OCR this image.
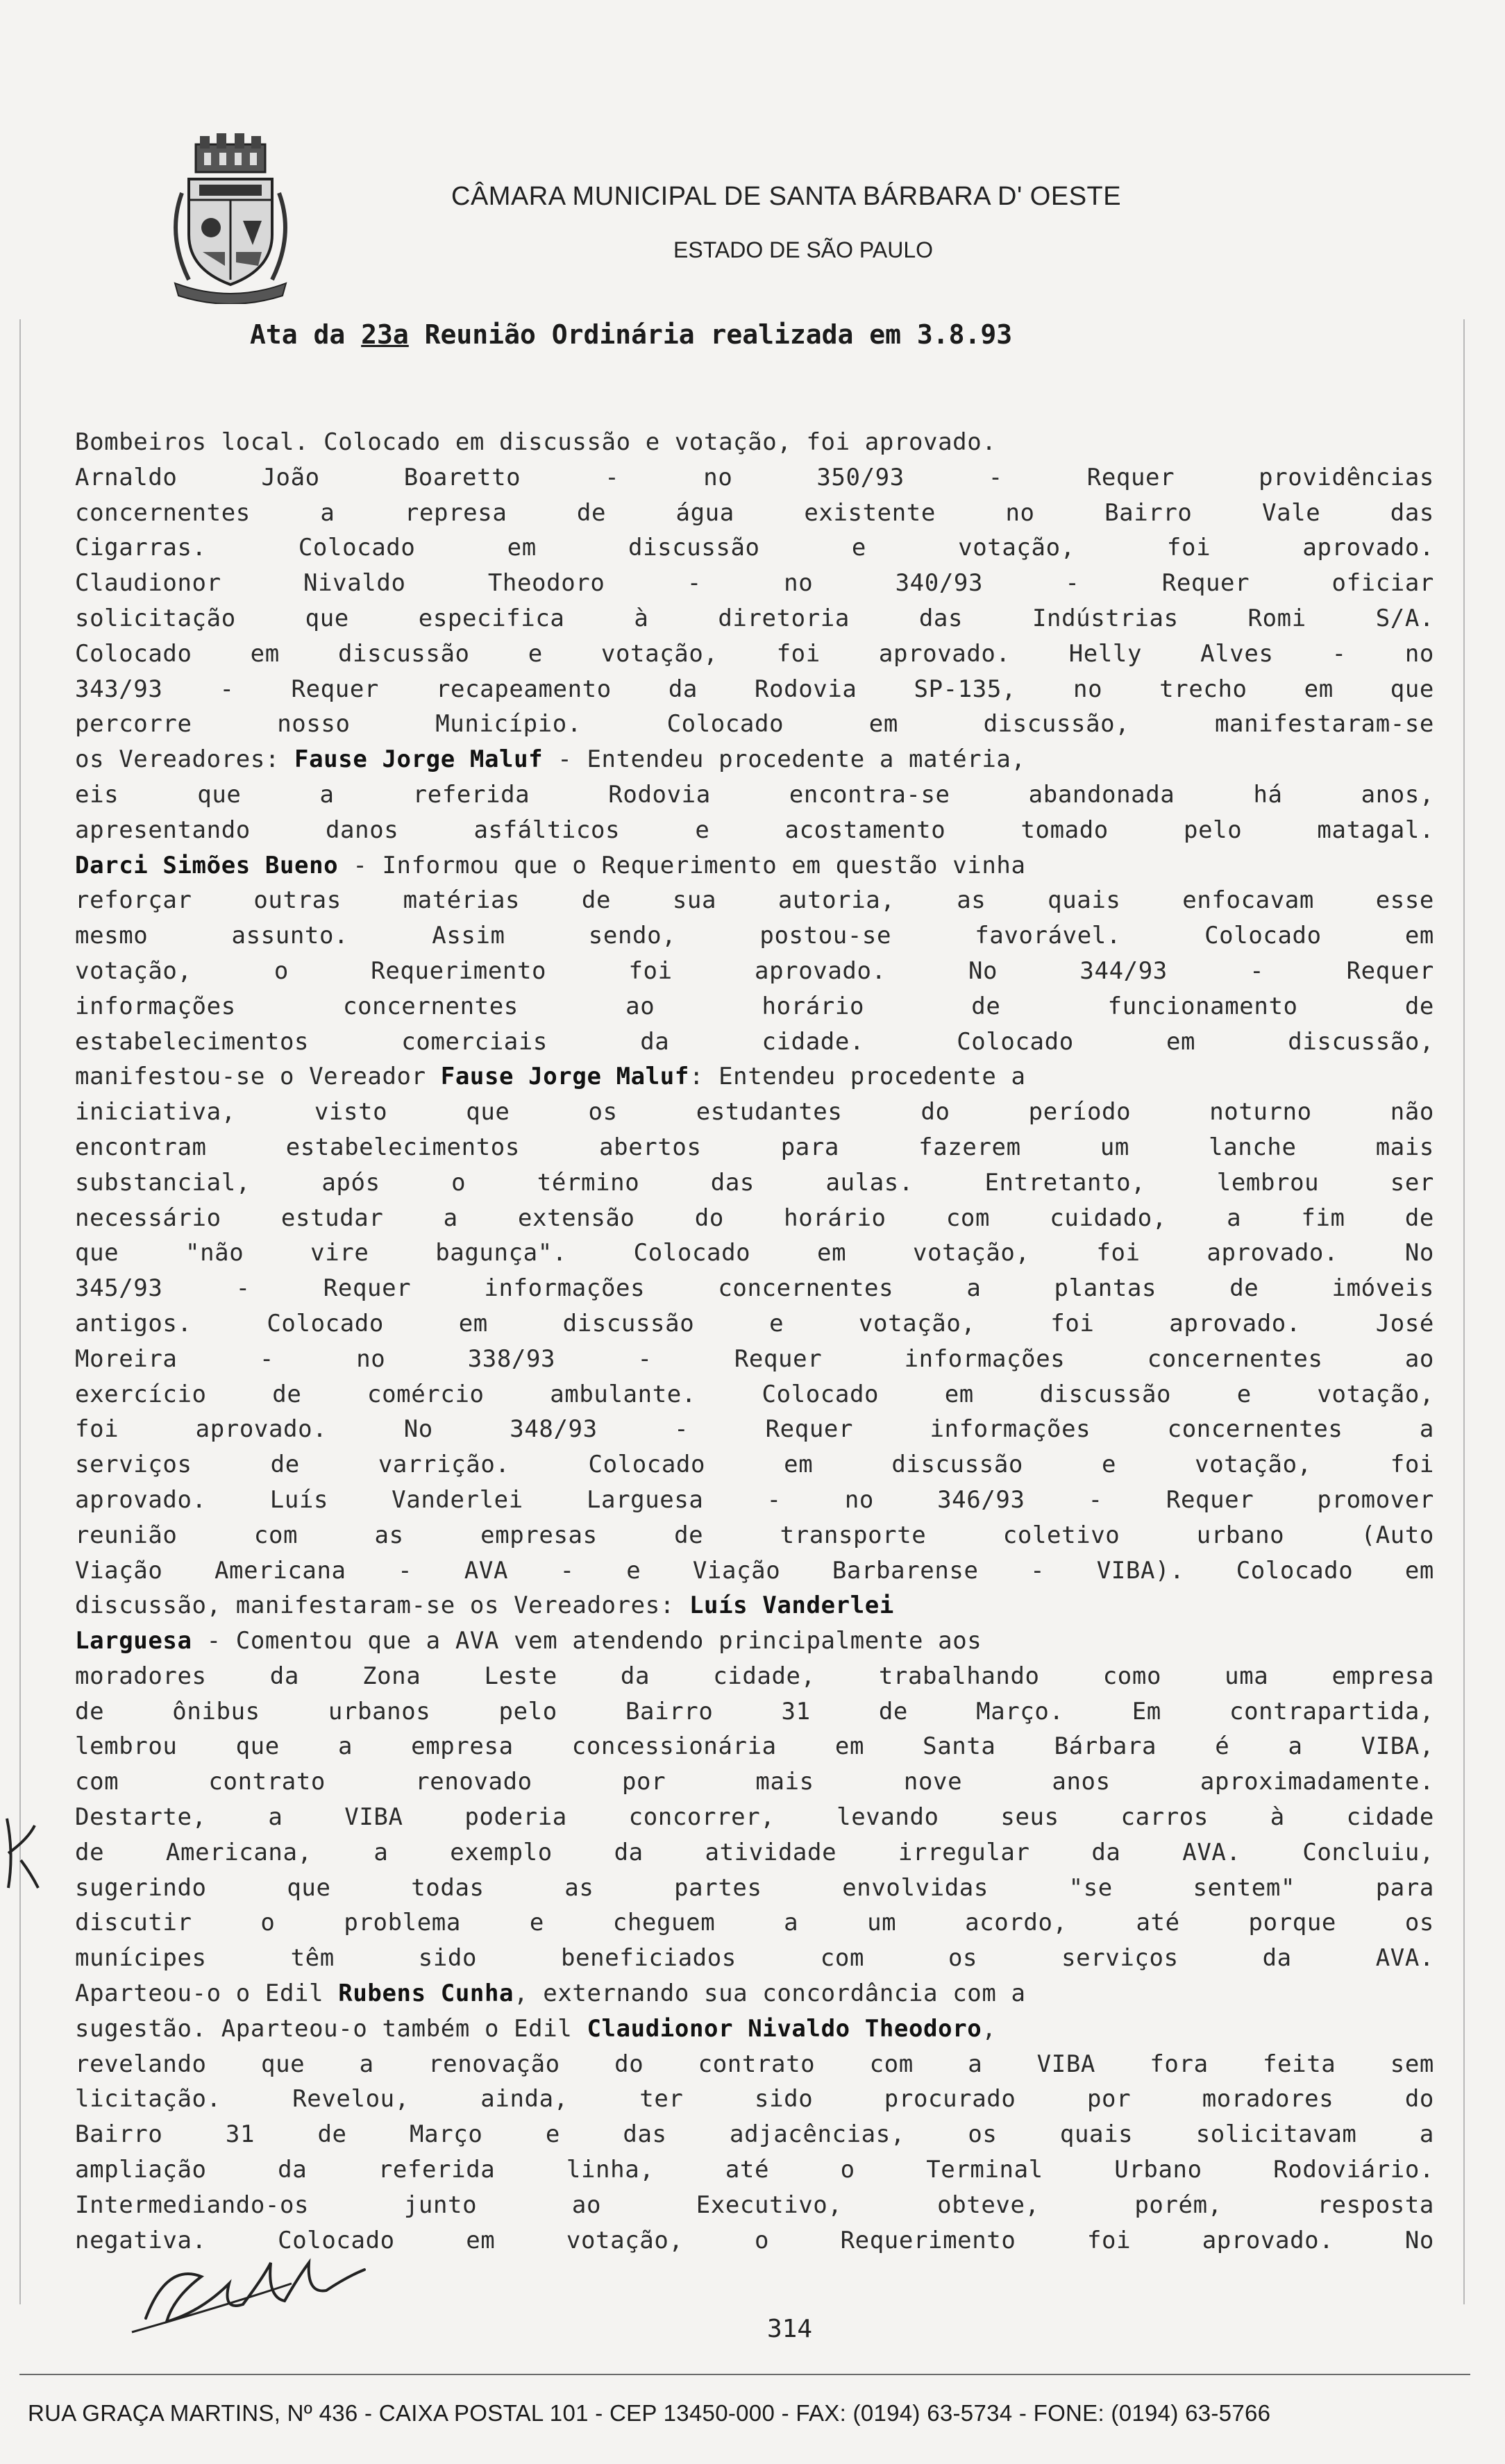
CÂMARA MUNICIPAL DE SANTA BÁRBARA D' OESTE
ESTADO DE SÃO PAULO
Ata da 23a Reunião Ordinária realizada em 3.8.93
Bombeiros local. Colocado em discussão e votação, foi aprovado.
Arnaldo João Boaretto - no 350/93 - Requer providências
concernentes a represa de água existente no Bairro Vale das
Cigarras. Colocado em discussão e votação, foi aprovado.
Claudionor Nivaldo Theodoro - no 340/93 - Requer oficiar
solicitação que especifica à diretoria das Indústrias Romi S/A.
Colocado em discussão e votação, foi aprovado. Helly Alves - no
343/93 - Requer recapeamento da Rodovia SP-135, no trecho em que
percorre nosso Município. Colocado em discussão, manifestaram-se
os Vereadores: Fause Jorge Maluf - Entendeu procedente a matéria,
eis que a referida Rodovia encontra-se abandonada há anos,
apresentando danos asfálticos e acostamento tomado pelo matagal.
Darci Simões Bueno - Informou que o Requerimento em questão vinha
reforçar outras matérias de sua autoria, as quais enfocavam esse
mesmo assunto. Assim sendo, postou-se favorável. Colocado em
votação, o Requerimento foi aprovado. No 344/93 - Requer
informações concernentes ao horário de funcionamento de
estabelecimentos comerciais da cidade. Colocado em discussão,
manifestou-se o Vereador Fause Jorge Maluf: Entendeu procedente a
iniciativa, visto que os estudantes do período noturno não
encontram estabelecimentos abertos para fazerem um lanche mais
substancial, após o término das aulas. Entretanto, lembrou ser
necessário estudar a extensão do horário com cuidado, a fim de
que "não vire bagunça". Colocado em votação, foi aprovado. No
345/93 - Requer informações concernentes a plantas de imóveis
antigos. Colocado em discussão e votação, foi aprovado. José
Moreira - no 338/93 - Requer informações concernentes ao
exercício de comércio ambulante. Colocado em discussão e votação,
foi aprovado. No 348/93 - Requer informações concernentes a
serviços de varrição. Colocado em discussão e votação, foi
aprovado. Luís Vanderlei Larguesa - no 346/93 - Requer promover
reunião com as empresas de transporte coletivo urbano (Auto
Viação Americana - AVA - e Viação Barbarense - VIBA). Colocado em
discussão, manifestaram-se os Vereadores: Luís Vanderlei
Larguesa - Comentou que a AVA vem atendendo principalmente aos
moradores da Zona Leste da cidade, trabalhando como uma empresa
de ônibus urbanos pelo Bairro 31 de Março. Em contrapartida,
lembrou que a empresa concessionária em Santa Bárbara é a VIBA,
com contrato renovado por mais nove anos aproximadamente.
Destarte, a VIBA poderia concorrer, levando seus carros à cidade
de Americana, a exemplo da atividade irregular da AVA. Concluiu,
sugerindo que todas as partes envolvidas "se sentem" para
discutir o problema e cheguem a um acordo, até porque os
munícipes têm sido beneficiados com os serviços da AVA.
Aparteou-o o Edil Rubens Cunha, externando sua concordância com a
sugestão. Aparteou-o também o Edil Claudionor Nivaldo Theodoro,
revelando que a renovação do contrato com a VIBA fora feita sem
licitação. Revelou, ainda, ter sido procurado por moradores do
Bairro 31 de Março e das adjacências, os quais solicitavam a
ampliação da referida linha, até o Terminal Urbano Rodoviário.
Intermediando-os junto ao Executivo, obteve, porém, resposta
negativa. Colocado em votação, o Requerimento foi aprovado. No
314
RUA GRAÇA MARTINS, Nº 436 - CAIXA POSTAL 101 - CEP 13450-000 - FAX: (0194) 63-5734 - FONE: (0194) 63-5766
